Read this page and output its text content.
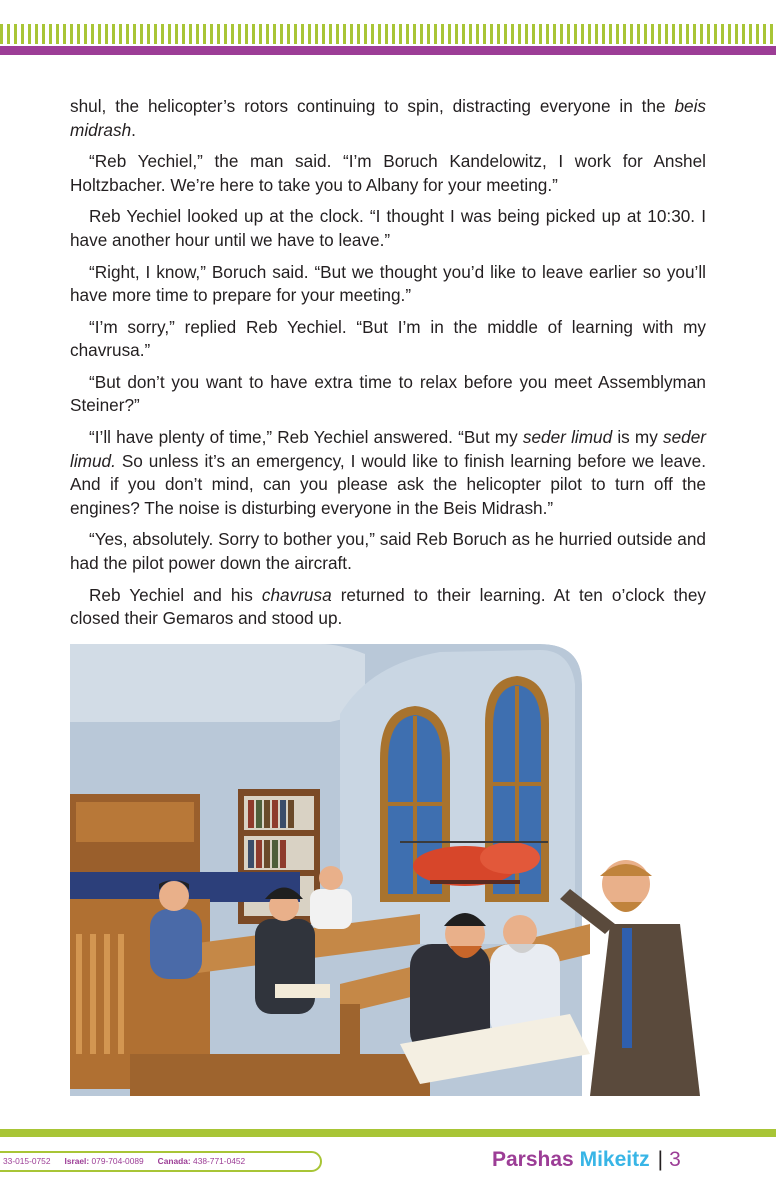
shul, the helicopter’s rotors continuing to spin, distracting everyone in the beis midrash.

“Reb Yechiel,” the man said. “I’m Boruch Kandelowitz, I work for Anshel Holtzbacher. We’re here to take you to Albany for your meeting.”

Reb Yechiel looked up at the clock. “I thought I was being picked up at 10:30. I have another hour until we have to leave.”

“Right, I know,” Boruch said. “But we thought you’d like to leave earlier so you’ll have more time to prepare for your meeting.”

“I’m sorry,” replied Reb Yechiel. “But I’m in the middle of learning with my chavrusa.”

“But don’t you want to have extra time to relax before you meet Assemblyman Steiner?”

“I’ll have plenty of time,” Reb Yechiel answered. “But my seder limud is my seder limud. So unless it’s an emergency, I would like to finish learning before we leave. And if you don’t mind, can you please ask the helicopter pilot to turn off the engines? The noise is disturbing everyone in the Beis Midrash.”

“Yes, absolutely. Sorry to bother you,” said Reb Boruch as he hurried outside and had the pilot power down the aircraft.

Reb Yechiel and his chavrusa returned to their learning. At ten o’clock they closed their Gemaros and stood up.

33-015-0752 Israel: 079-704-0089 Canada: 438-771-0452	Parshas Mikeitz | 3
